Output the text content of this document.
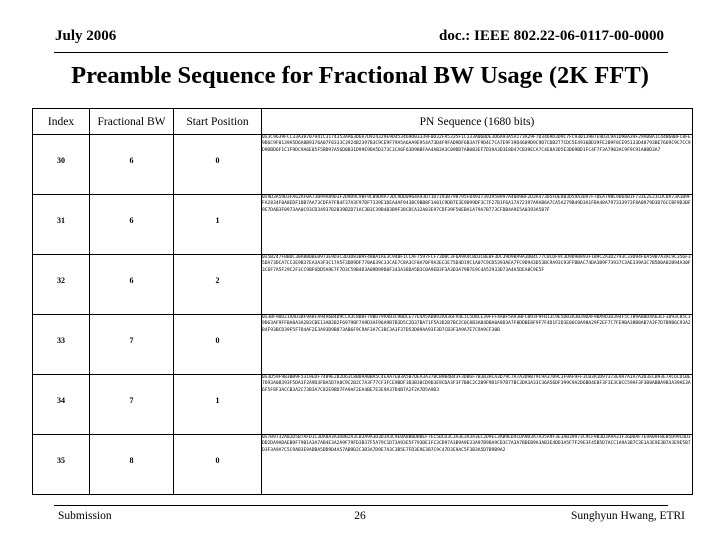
July 2006	doc.: IEEE 802.22-06-0117-00-0000
Preamble Sequence for Fractional BW Usage (2K FFT)
Index	Fractional BW	Start Position	PN Sequence (1680 bits)

30	6	0	0x3C9639FCC33A38707941C3174353AA63D6A7D924329E9D453469D03339F0D32FA5335F1C333A06BDE3D6A93A5A173A29F7D3469D3D9C7FC930139B7E9D3C9A1D9BA39F29AB8A1C44B6BBFC8FE9D6C9F0139A5D6A8B9376A07F0333C3924B2397B3C9CE9F79A5A6AA9E954A73D4F9FAD9DF6B3A7F9D4C7CA7E9F39D4689D9C9D7CDB277CDC5E4936BD39FE2B9F8CE95133D48793BE7669C9C7CC9D9DBD6F1C1F9DC9A6E85F5BD97A56D0B31D99E9DA5D373C3CA6F63D9BBFAA4AB3A3C09DD7AB0B3EF7D39A3D3E8D47CB39ECA7C4E8A3D5E3D69BD1FC4F7F3A7903AC9F9C91A8BD3A7

31	6	1	0x9D3A59D3FA62AF0A73B99A89D3F2D9D9C9BF9CB9D9A73DC9DD0964A93D71D7193B798795F04937393958997A40D9BF2D3A473D5FDE8B3D59A3D97F7DEA79BC9D64B3F733E2E23CDCDA73A1B9FFA2834F0A8EDF1DB7AA73CDFA7FB4F37A3F97DF7339E1DEA4AF943BC9BB8F3A01C9DB7E3E9D99DF3C7F27B1F6A17A72397A9AB6A7CA5A279B49D3A1FBA48A797333973F8A0979D3D76CCBF9D3BF9E7DAB3F0973AA0C93CD34937B2B39B2D71AC3B3C39B4B3B9F38CDCA32A03E97CDF39F50EBA1A79A7B773CFDB4A9E5A0393A5B7F

32	6	2	0x5B247F0BDC38A8B0BEB973E9D3C3D3D83B9F48BA1AE3C94BF1CCAF7597FCF73D0C3F6A9A4CBD3CBEBF3DC39D9BA9A3D04C77C8CDF9C3D9D9B893F1B9C2A3D2793C33D94F6A59B7A3AC9C356F35DA73DCA7CC3E9B37EA3A3F3C17A5F3DD9DF770A639C33CAE7C8A3CF8A70F9A3EC3E75D4D19C1A07C9CD5393AEA7FC9D943D53BC9A93C93FFBBAC74DA3B9F73937C3AE339A3C7B5D0A82B94A30F3C6F7A5F29C2F3CC9BF6DD5A9E7F7D3C59B4D3A09D99D0F343A38DA5B3C0A9EB3F3A3D3A79B7E9C4A52933D73A4A5DEA8C9E5F

33	7	0	0x3BF9DD21AAD3BF9A8FA94A6B4D9CCA3C8B8F79BD79AAB3C9BDCE77E4A5ADB92AA36FA4E1C5D8CE39FFF4ABF5A93BFCB93F9FB13C9E5DB3A3B39DAF9BA9D3D394F5C7B9AB0D4A63CF3893C85C39D63AF9FFBA8A3A2B3CBE13AB2B2F6979BF7A9D3AF96A9B7B3D5C2D37BA71F5A3D2B7BC2C0C8B3AB4DBA0A8D3A7F8DDBE8F9F7F4D1F2D3E06C0A98A29F2EF7C7FE9BA38B8AB7A3F7D7B9B6C93A2B4F93BCD39F5F7D4AF2E3A93D9B873AB6F9C9AF3A7C3BC3A3F37D53D89AA93F3D7CB3F3A9A7E7C9A9CF30B

34	7	1	0x3D59F9B3BB9F5319EDF7489E2B2D63C8B09A0BA5C4EAA7EB3A5B7DEA3A37BCB9B4B43F3DB6F7B3B3ACA3D79C7A7A3D9B79C9A37B9C3F9AF9FF3CB3A1D97373E9A7A1A7A3D3ECB93E7AC6CD1BE7693A08393F5DA3F2A9D3FBA5D7A8C9C2B2C7A3F77CF3FCE9BDF3D3B38CD9D3E9CDA3F3F7B0C2C2B9F9D1F97B77BC3DA3A33C36A56DF399C9A2D6BD4E8F3F3E3C8CC59AF3F3B8ABBA9B3A39AE3A6F5F8F3ACCB3A2C73B3A7C82E9BD7FA9AF2EA4BE7E3E9A37D4B7A2F2A7D5A9D3

35	8	0	0x7B9732A82D5B7AFD1C3DA8A3A3D8B2A3CB3A9A3D3D3A3C9E0A8B0DB0EF7EC5DCD3C3A3E3A3A3EC2D9EC3AB9ED4CDA9D3A7A35A9F3E3AB39973C9CF9B3D3A9A31F36DDAF7E9A09FBEB5D99CDD3DD2DA9ADAEB9F79B1A3A7AB4E3A2A9F79FD3B37F5A79C1D73A93E5F793DE1FC3CD97A3B9A9E33A97B9DA9CD3C7A3A7BDEB9A3AB3E4DD3A5F7F29E3F45B5D7ACC1A9A3B7C3E1A3E9E3B7A3E9E5B7D3F3A9A7C5C9AB3E9ADBA5DD9D4A57AB9D2C3B3A7D9E7A3C3B5E7FD3E9E3B7C9C47D3E9AC5F3B3A5D7B9B9A2
Submission	26	Sunghyun Hwang, ETRI
